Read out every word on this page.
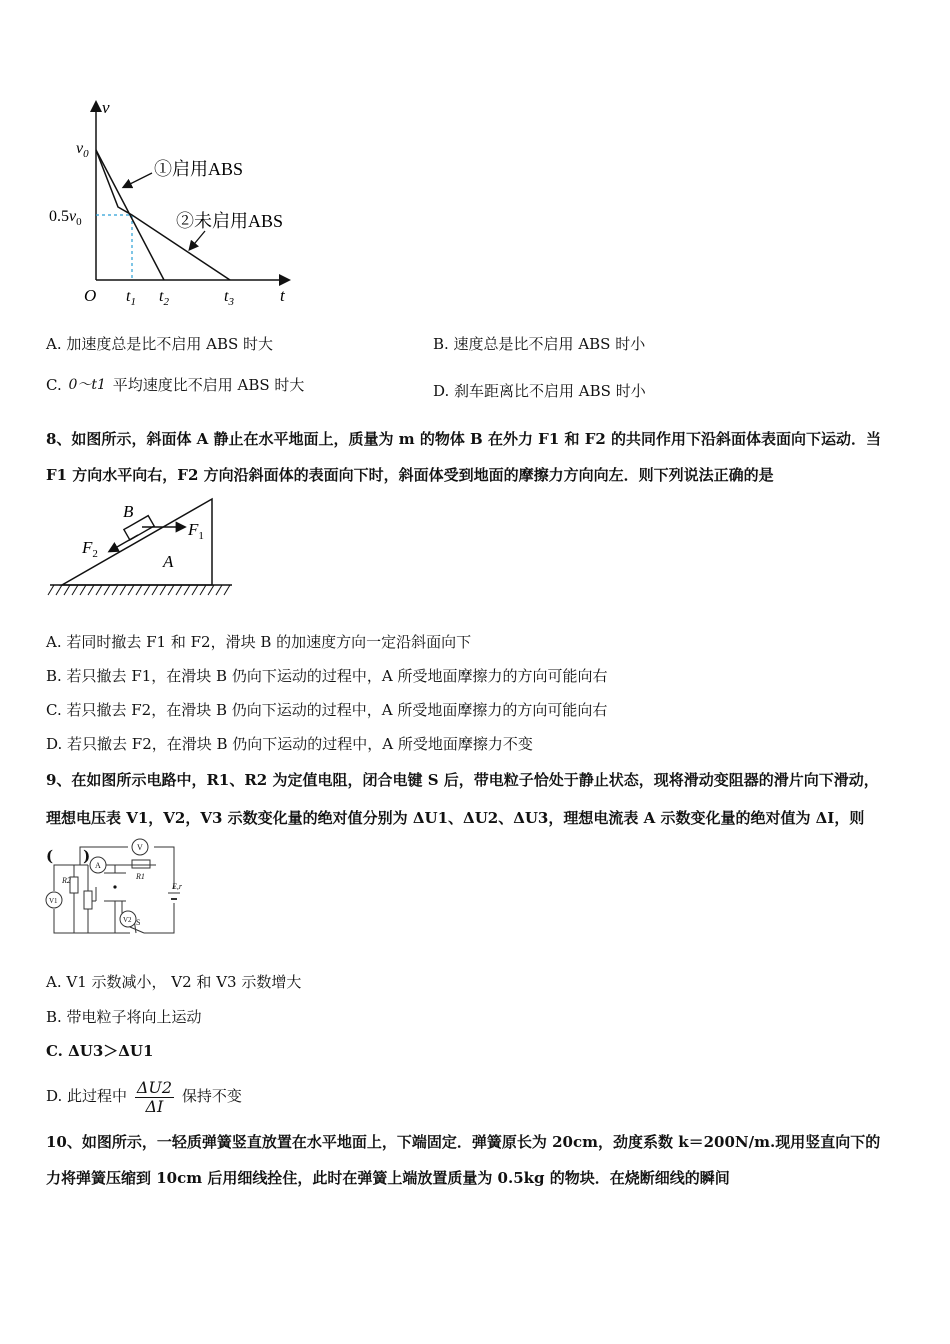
v
t
O
$v_0$
$0.5v_0$
$t_1$ $t_2$	$t_3$
①启用ABS
②未启用ABS
A. 加速度总是比不启用 ABS 时大	B. 速度总是比不启用 ABS 时小
C. 0～t1 平均速度比不启用 ABS 时大	D. 刹车距离比不启用 ABS 时小
8、如图所示，斜面体 A 静止在水平地面上，质量为 m 的物体 B 在外力 F1 和 F2 的共同作用下沿斜面体表面向下运动．当
F1 方向水平向右，F2 方向沿斜面体的表面向下时，斜面体受到地面的摩擦力方向向左．则下列说法正确的是
B
A
$F_1$
$F_2$
A. 若同时撤去 F1 和 F2，滑块 B 的加速度方向一定沿斜面向下
B. 若只撤去 F1，在滑块 B 仍向下运动的过程中，A 所受地面摩擦力的方向可能向右
C. 若只撤去 F2，在滑块 B 仍向下运动的过程中，A 所受地面摩擦力的方向可能向右
D. 若只撤去 F2，在滑块 B 仍向下运动的过程中，A 所受地面摩擦力不变
9、在如图所示电路中，R1、R2 为定值电阻，闭合电键 S 后，带电粒子恰处于静止状态，现将滑动变阻器的滑片向下滑动，
理想电压表 V1，V2，V3 示数变化量的绝对值分别为 ΔU1、ΔU2、ΔU3，理想电流表 A 示数变化量的绝对值为 ΔI，则(　　)	V
A
V1
V2
R1
R2
E,r
S
A. V1 示数减小， V2 和 V3 示数增大
B. 带电粒子将向上运动
C. ΔU3＞ΔU1
D. 此过程中 $\frac{\Delta U2}{\Delta I}$ 保持不变
10、如图所示，一轻质弹簧竖直放置在水平地面上，下端固定．弹簧原长为 20cm，劲度系数 k＝200N/m.现用竖直向下的
力将弹簧压缩到 10cm 后用细线拴住，此时在弹簧上端放置质量为 0.5kg 的物块．在烧断细线的瞬间
